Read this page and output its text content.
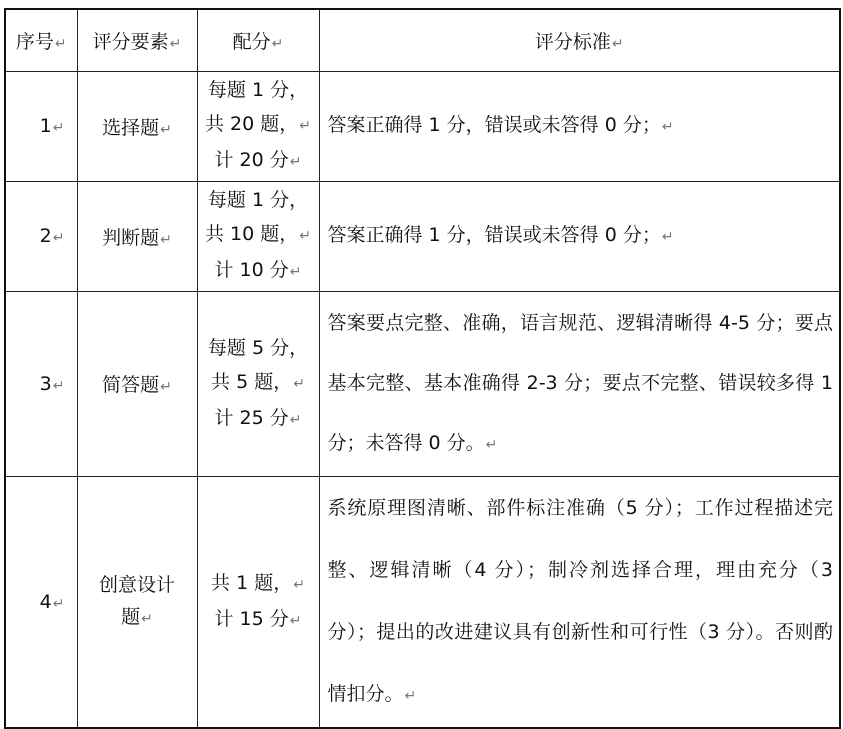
序号↵	评分要素↵	配分↵	评分标准↵
1↵	选择题↵	每题 1 分，
共 20 题，↵
计 20 分↵	答案正确得 1 分，错误或未答得 0 分；↵
2↵	判断题↵	每题 1 分，
共 10 题，↵
计 10 分↵	答案正确得 1 分，错误或未答得 0 分；↵
3↵	简答题↵	每题 5 分，
共 5 题，↵
计 25 分↵	答案要点完整、准确，语言规范、逻辑清晰得 4-5 分；要点基本完整、基本准确得 2-3 分；要点不完整、错误较多得 1 分；未答得 0 分。↵
4↵	创意设计题↵	共 1 题，↵
计 15 分↵	系统原理图清晰、部件标注准确（5 分）；工作过程描述完整、逻辑清晰（4 分）；制冷剂选择合理，理由充分（3 分）；提出的改进建议具有创新性和可行性（3 分）。否则酌情扣分。↵
